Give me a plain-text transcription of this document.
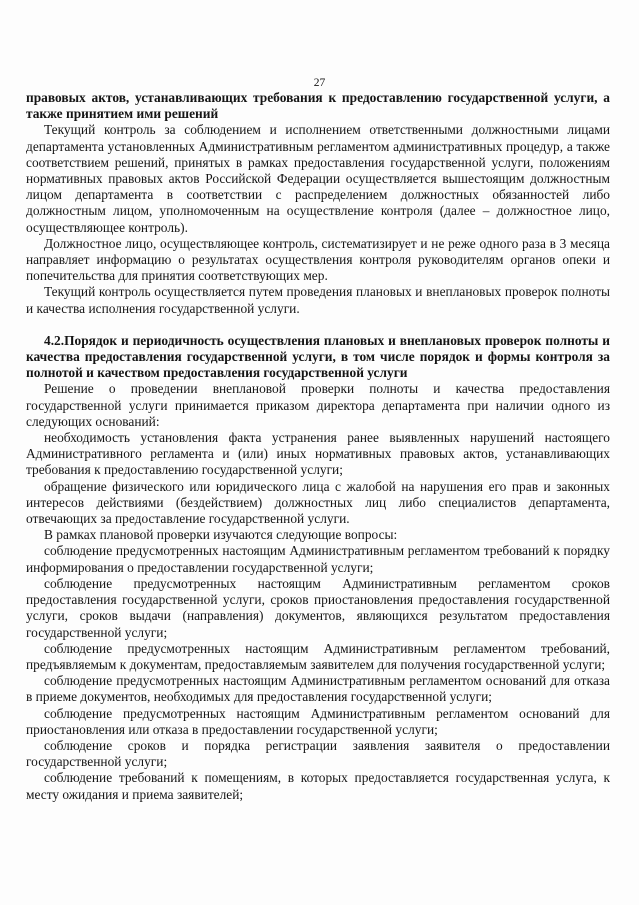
27

правовых актов, устанавливающих требования к предоставлению государственной услуги, а также принятием ими решений

Текущий контроль за соблюдением и исполнением ответственными должностными лицами департамента установленных Административным регламентом административных процедур, а также соответствием решений, принятых в рамках предоставления государственной услуги, положениям нормативных правовых актов Российской Федерации осуществляется вышестоящим должностным лицом департамента в соответствии с распределением должностных обязанностей либо должностным лицом, уполномоченным на осуществление контроля (далее – должностное лицо, осуществляющее контроль).

Должностное лицо, осуществляющее контроль, систематизирует и не реже одного раза в 3 месяца направляет информацию о результатах осуществления контроля руководителям органов опеки и попечительства для принятия соответствующих мер.

Текущий контроль осуществляется путем проведения плановых и внеплановых проверок полноты и качества исполнения государственной услуги.

4.2.Порядок и периодичность осуществления плановых и внеплановых проверок полноты и качества предоставления государственной услуги, в том числе порядок и формы контроля за полнотой и качеством предоставления государственной услуги

Решение о проведении внеплановой проверки полноты и качества предоставления государственной услуги принимается приказом директора департамента при наличии одного из следующих оснований:

необходимость установления факта устранения ранее выявленных нарушений настоящего Административного регламента и (или) иных нормативных правовых актов, устанавливающих требования к предоставлению государственной услуги;

обращение физического или юридического лица с жалобой на нарушения его прав и законных интересов действиями (бездействием) должностных лиц либо специалистов департамента, отвечающих за предоставление государственной услуги.

В рамках плановой проверки изучаются следующие вопросы:

соблюдение предусмотренных настоящим Административным регламентом требований к порядку информирования о предоставлении государственной услуги;

соблюдение предусмотренных настоящим Административным регламентом сроков предоставления государственной услуги, сроков приостановления предоставления государственной услуги, сроков выдачи (направления) документов, являющихся результатом предоставления государственной услуги;

соблюдение предусмотренных настоящим Административным регламентом требований, предъявляемым к документам, предоставляемым заявителем для получения государственной услуги;

соблюдение предусмотренных настоящим Административным регламентом оснований для отказа в приеме документов, необходимых для предоставления государственной услуги;

соблюдение предусмотренных настоящим Административным регламентом оснований для приостановления или отказа в предоставлении государственной услуги;

соблюдение сроков и порядка регистрации заявления заявителя о предоставлении государственной услуги;

соблюдение требований к помещениям, в которых предоставляется государственная услуга, к месту ожидания и приема заявителей;
